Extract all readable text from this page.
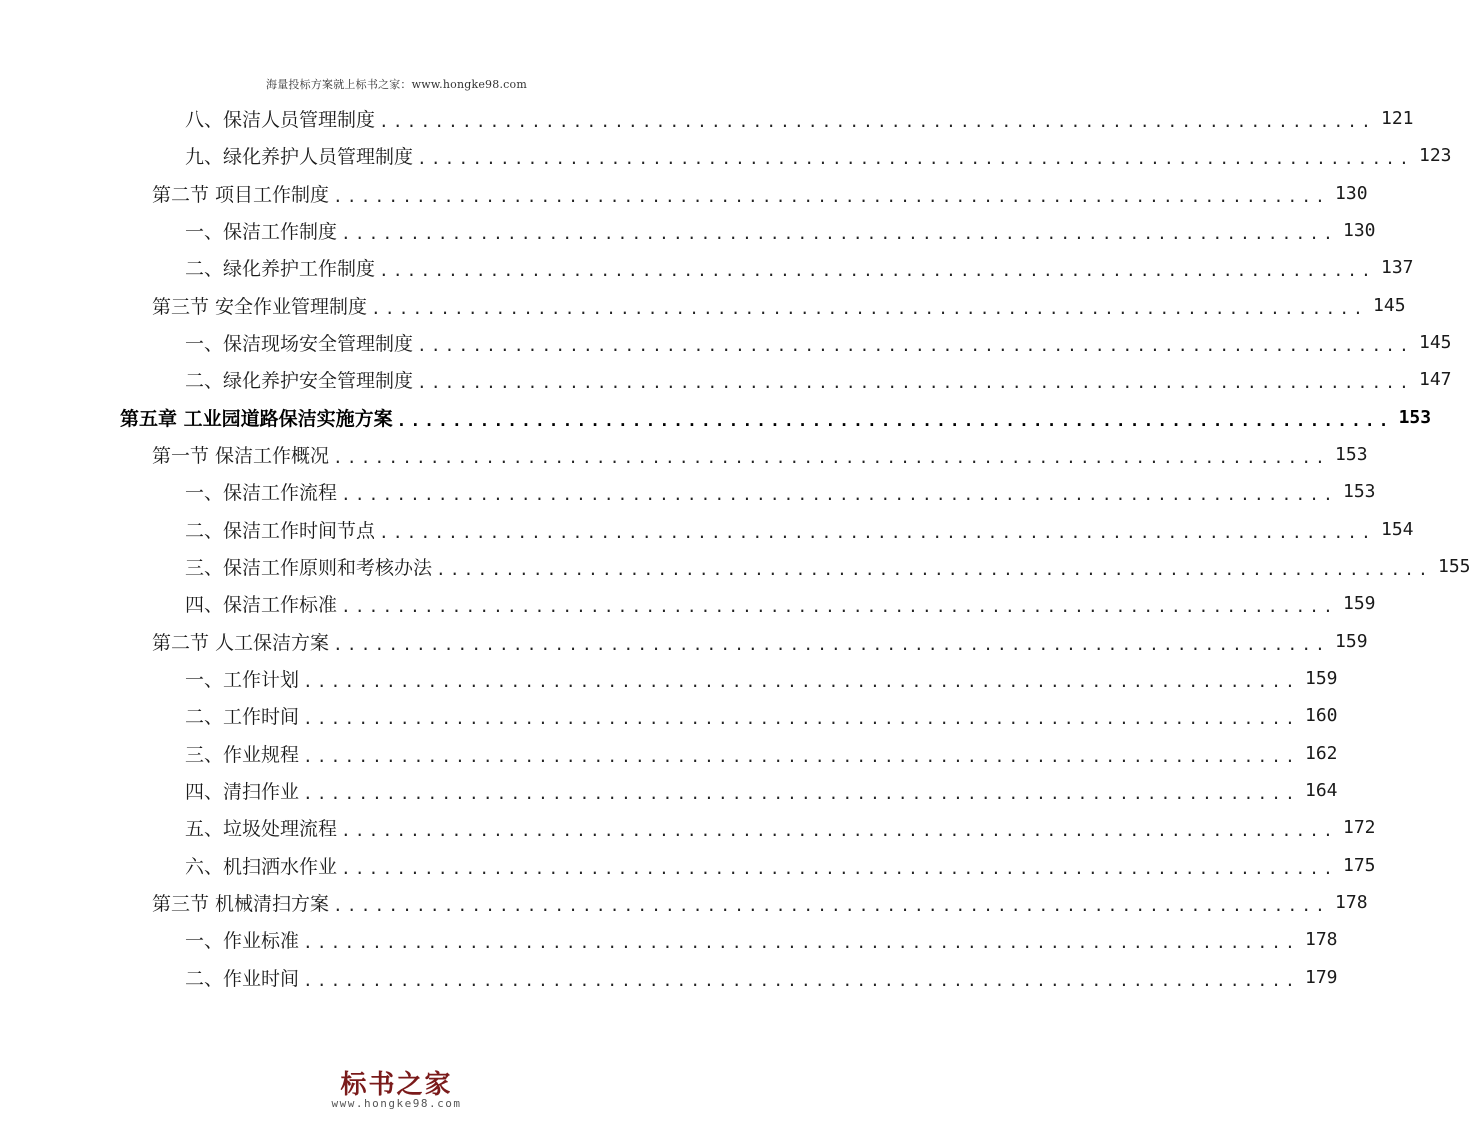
海量投标方案就上标书之家：www.hongke98.com
八、保洁人员管理制度 ........................................................................ 121
九、绿化养护人员管理制度 ........................................................................ 123
第二节 项目工作制度 ........................................................................ 130
一、保洁工作制度 ........................................................................ 130
二、绿化养护工作制度 ........................................................................ 137
第三节 安全作业管理制度 ........................................................................ 145
一、保洁现场安全管理制度 ........................................................................ 145
二、绿化养护安全管理制度 ........................................................................ 147
第五章 工业园道路保洁实施方案 ........................................................................ 153
第一节 保洁工作概况 ........................................................................ 153
一、保洁工作流程 ........................................................................ 153
二、保洁工作时间节点 ........................................................................ 154
三、保洁工作原则和考核办法 ........................................................................ 155
四、保洁工作标准 ........................................................................ 159
第二节 人工保洁方案 ........................................................................ 159
一、工作计划 ........................................................................ 159
二、工作时间 ........................................................................ 160
三、作业规程 ........................................................................ 162
四、清扫作业 ........................................................................ 164
五、垃圾处理流程 ........................................................................ 172
六、机扫洒水作业 ........................................................................ 175
第三节 机械清扫方案 ........................................................................ 178
一、作业标准 ........................................................................ 178
二、作业时间 ........................................................................ 179
标书之家
www.hongke98.com
